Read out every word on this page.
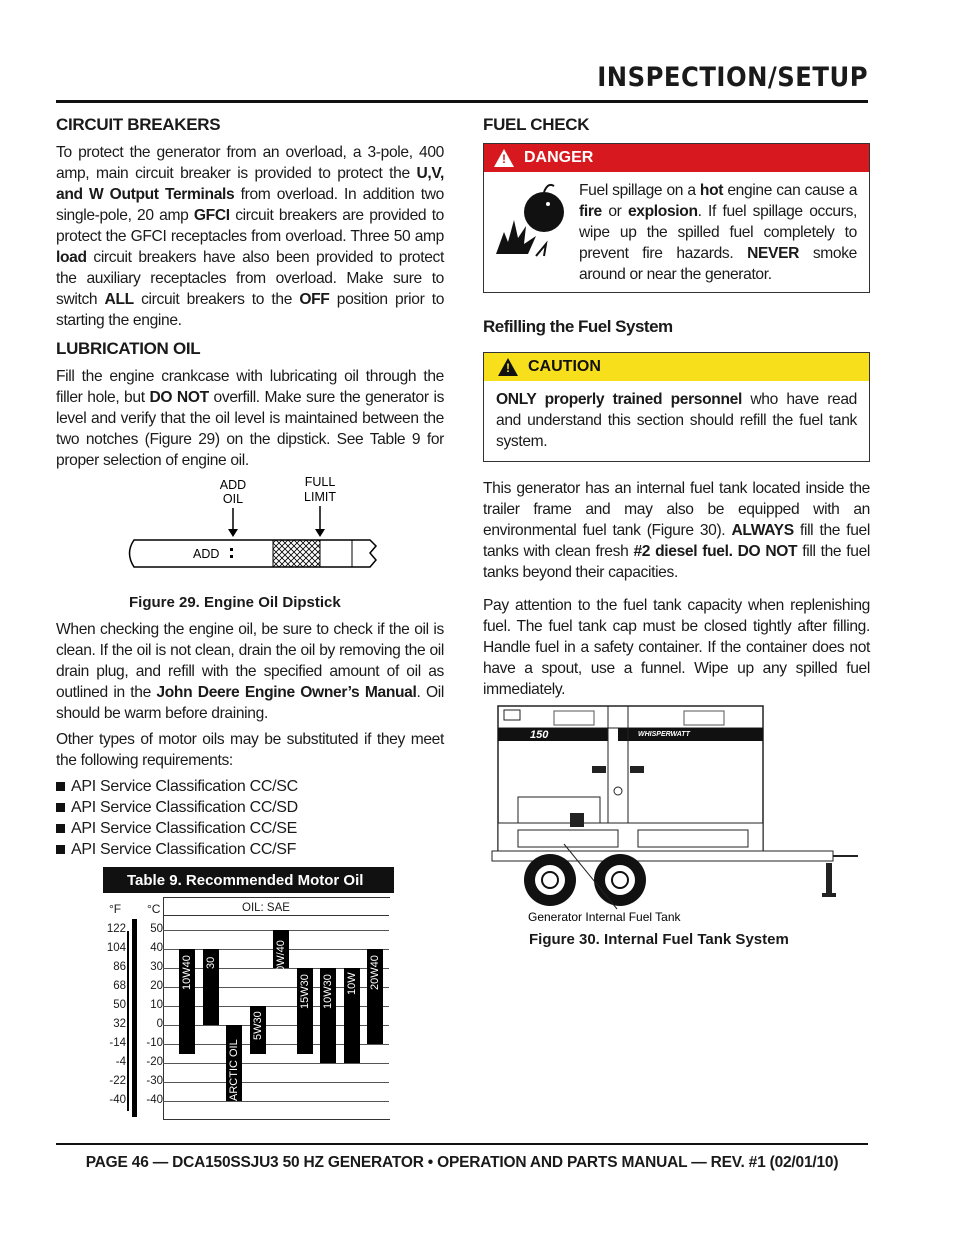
INSPECTION/SETUP
CIRCUIT BREAKERS

To protect the generator from an overload, a 3-pole, 400 amp, main circuit breaker is provided to protect the U,V, and W Output Terminals from overload. In addition two single-pole, 20 amp GFCI circuit breakers are provided to protect the GFCI receptacles from overload. Three 50 amp load circuit breakers have also been provided to protect the auxiliary receptacles from overload. Make sure to switch ALL circuit breakers to the OFF position prior to starting the engine.

LUBRICATION OIL

Fill the engine crankcase with lubricating oil through the filler hole, but DO NOT overfill. Make sure the generator is level and verify that the oil level is maintained between the two notches (Figure 29) on the dipstick. See Table 9 for proper selection of engine oil.

ADD
OIL
FULL
LIMIT
ADD
Figure 29. Engine Oil Dipstick

When checking the engine oil, be sure to check if the oil is clean. If the oil is not clean, drain the oil by removing the oil drain plug, and refill with the specified amount of oil as outlined in the John Deere Engine Owner’s Manual. Oil should be warm before draining.

Other types of motor oils may be substituted if they meet the following requirements:

API Service Classification CC/SC
API Service Classification CC/SD
API Service Classification CC/SE
API Service Classification CC/SF
Table 9. Recommended Motor Oil
OIL: SAE
°F °C
122
104
86
68
50
32
-14
-4
-22
-40
50
40
30
20
10
0
-10
-20
-30
-40
10W40 30
ARCTIC OIL
5W30
10W/40
15W30 10W30 10W 20W40
FUEL CHECK
! DANGER

Fuel spillage on a hot engine can cause a fire or explosion. If fuel spillage occurs, wipe up the spilled fuel completely to prevent fire hazards. NEVER smoke around or near the generator.

Refilling the Fuel System
! CAUTION

ONLY properly trained personnel who have read and understand this section should refill the fuel tank system.

This generator has an internal fuel tank located inside the trailer frame and may also be equipped with an environmental fuel tank (Figure 30). ALWAYS fill the fuel tanks with clean fresh #2 diesel fuel. DO NOT fill the fuel tanks beyond their capacities.

Pay attention to the fuel tank capacity when replenishing fuel. The fuel tank cap must be closed tightly after filling. Handle fuel in a safety container. If the container does not have a spout, use a funnel. Wipe up any spilled fuel immediately.

150	WHISPERWATT
Generator Internal Fuel Tank
Figure 30. Internal Fuel Tank System
PAGE 46 — DCA150SSJU3 50 HZ GENERATOR • OPERATION AND PARTS MANUAL — REV. #1 (02/01/10)
